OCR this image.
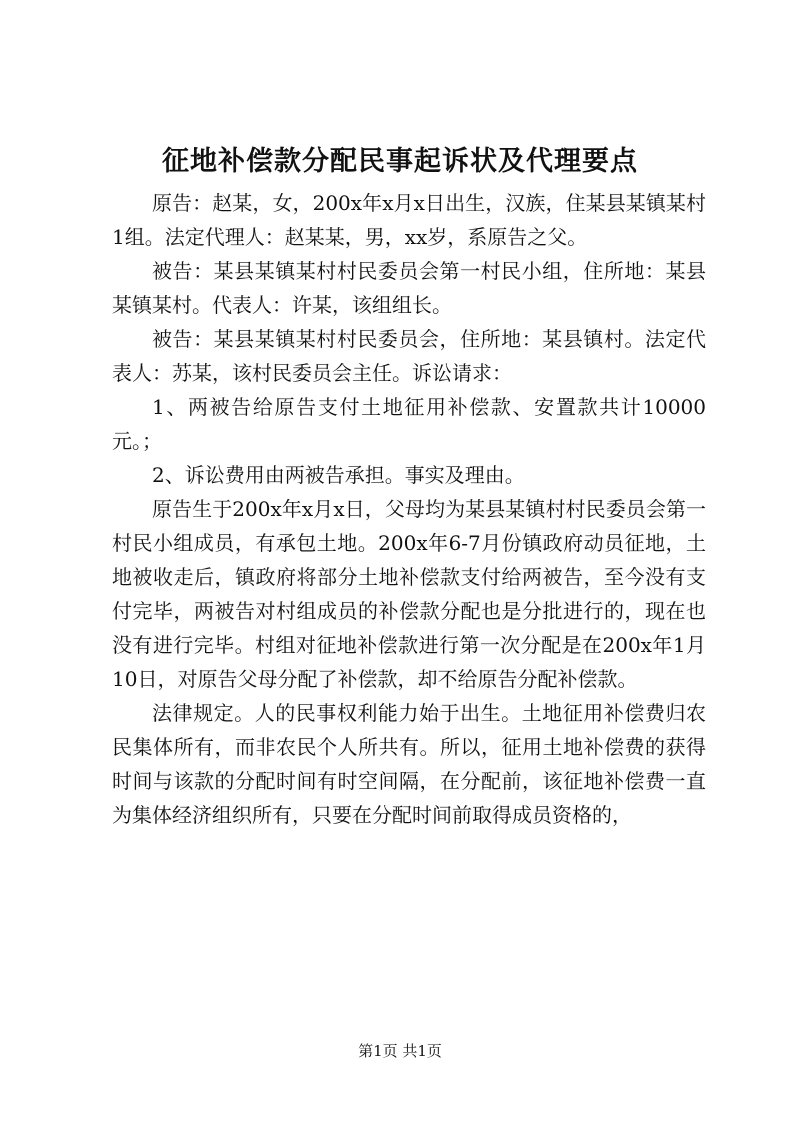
征地补偿款分配民事起诉状及代理要点

原告：赵某，女，200x年x月x日出生，汉族，住某县某镇某村1组。法定代理人：赵某某，男，xx岁，系原告之父。

被告：某县某镇某村村民委员会第一村民小组，住所地：某县某镇某村。代表人：许某，该组组长。

被告：某县某镇某村村民委员会，住所地：某县镇村。法定代表人：苏某，该村民委员会主任。诉讼请求：

1、两被告给原告支付土地征用补偿款、安置款共计10000元。；

2、诉讼费用由两被告承担。事实及理由。

原告生于200x年x月x日，父母均为某县某镇村村民委员会第一村民小组成员，有承包土地。200x年6-7月份镇政府动员征地，土地被收走后，镇政府将部分土地补偿款支付给两被告，至今没有支付完毕，两被告对村组成员的补偿款分配也是分批进行的，现在也没有进行完毕。村组对征地补偿款进行第一次分配是在200x年1月10日，对原告父母分配了补偿款，却不给原告分配补偿款。

法律规定。人的民事权利能力始于出生。土地征用补偿费归农民集体所有，而非农民个人所共有。所以，征用土地补偿费的获得时间与该款的分配时间有时空间隔，在分配前，该征地补偿费一直为集体经济组织所有，只要在分配时间前取得成员资格的，

第1页 共1页
